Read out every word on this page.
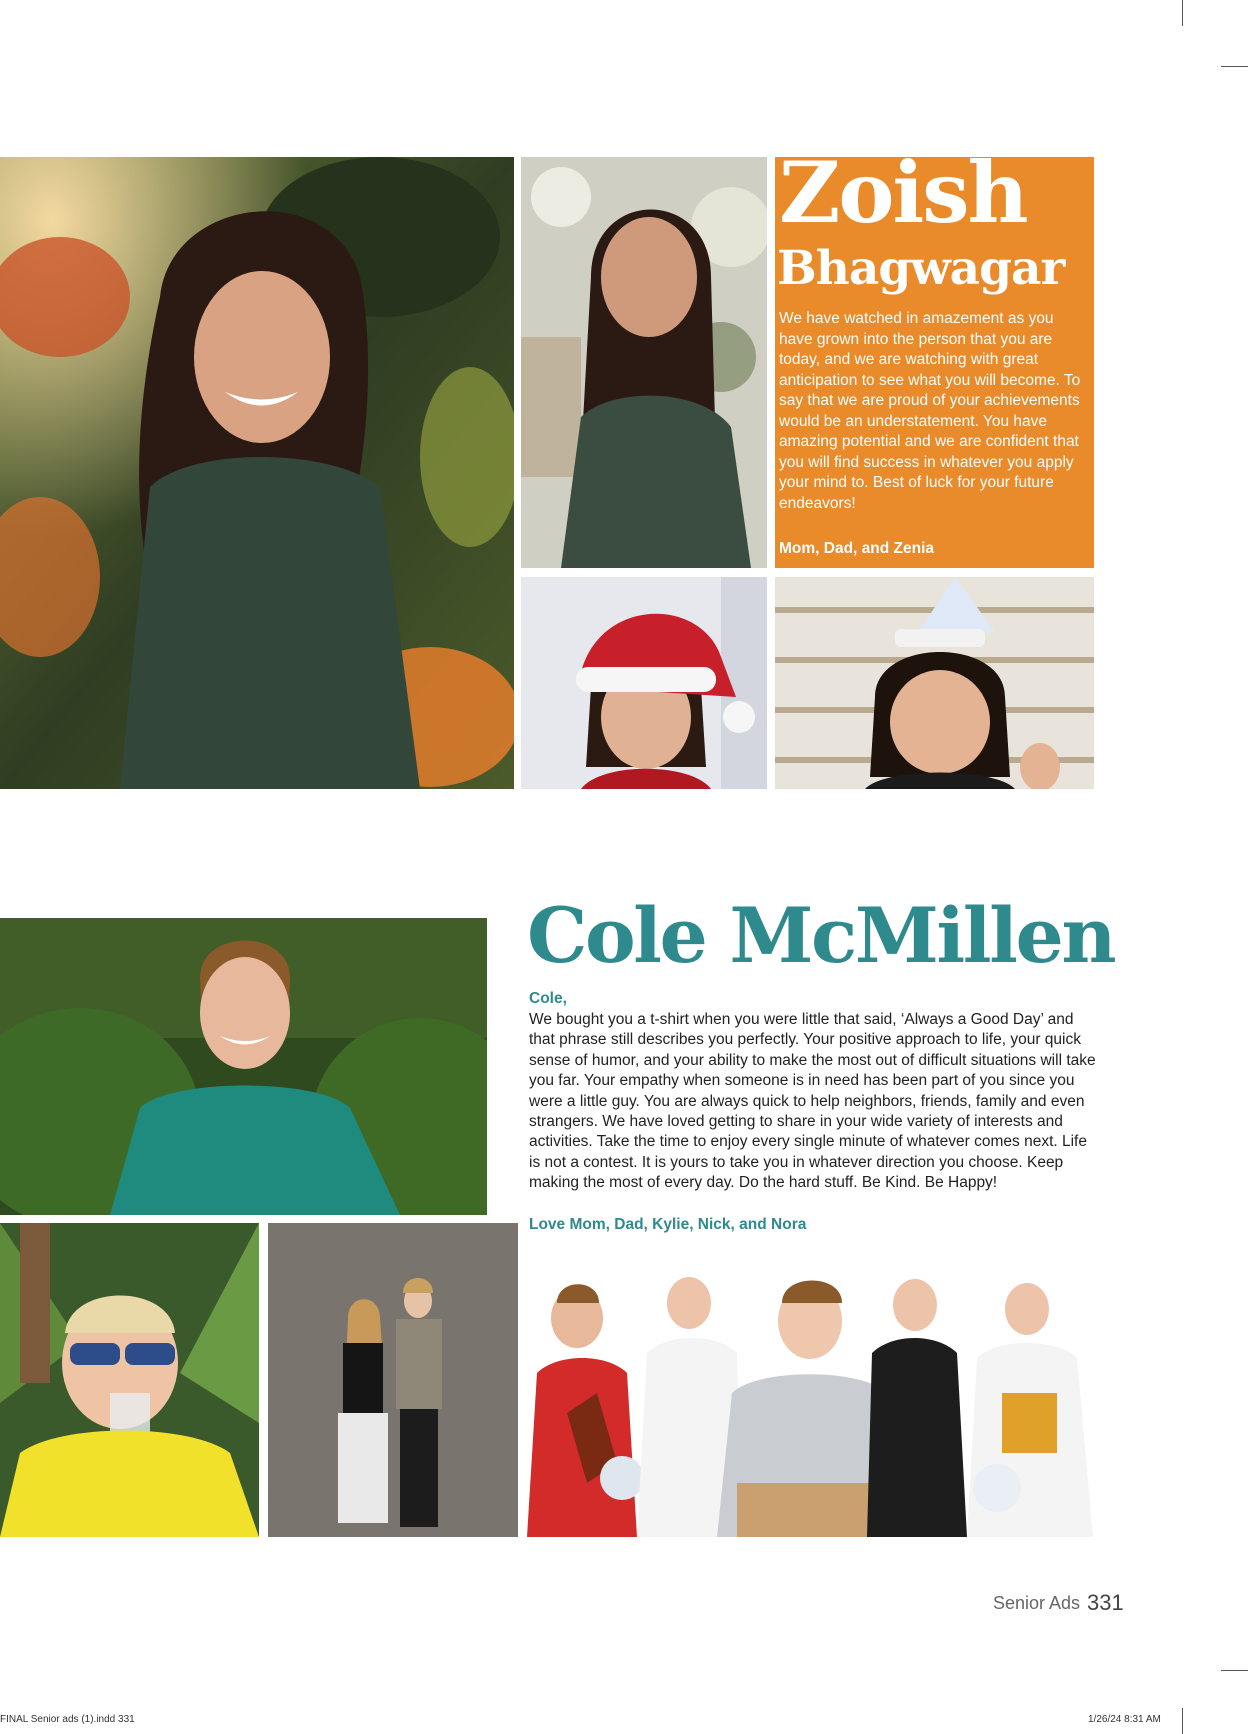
Zoish
Bhagwagar
We have watched in amazement as you have grown into the person that you are today, and we are watching with great anticipation to see what you will become. To say that we are proud of your achievements would be an understatement. You have amazing potential and we are confident that you will find success in whatever you apply your mind to. Best of luck for your future endeavors!
Mom, Dad, and Zenia
Cole McMillen
Cole,
We bought you a t-shirt when you were little that said, ‘Always a Good Day’ and that phrase still describes you perfectly. Your positive approach to life, your quick sense of humor, and your ability to make the most out of difficult situations will take you far. Your empathy when someone is in need has been part of you since you were a little guy. You are always quick to help neighbors, friends, family and even strangers. We have loved getting to share in your wide variety of interests and activities. Take the time to enjoy every single minute of whatever comes next. Life is not a contest. It is yours to take you in whatever direction you choose. Keep making the most of every day. Do the hard stuff. Be Kind. Be Happy!
Love Mom, Dad, Kylie, Nick, and Nora
Senior Ads 331
FINAL Senior ads (1).indd 331	1/26/24 8:31 AM
